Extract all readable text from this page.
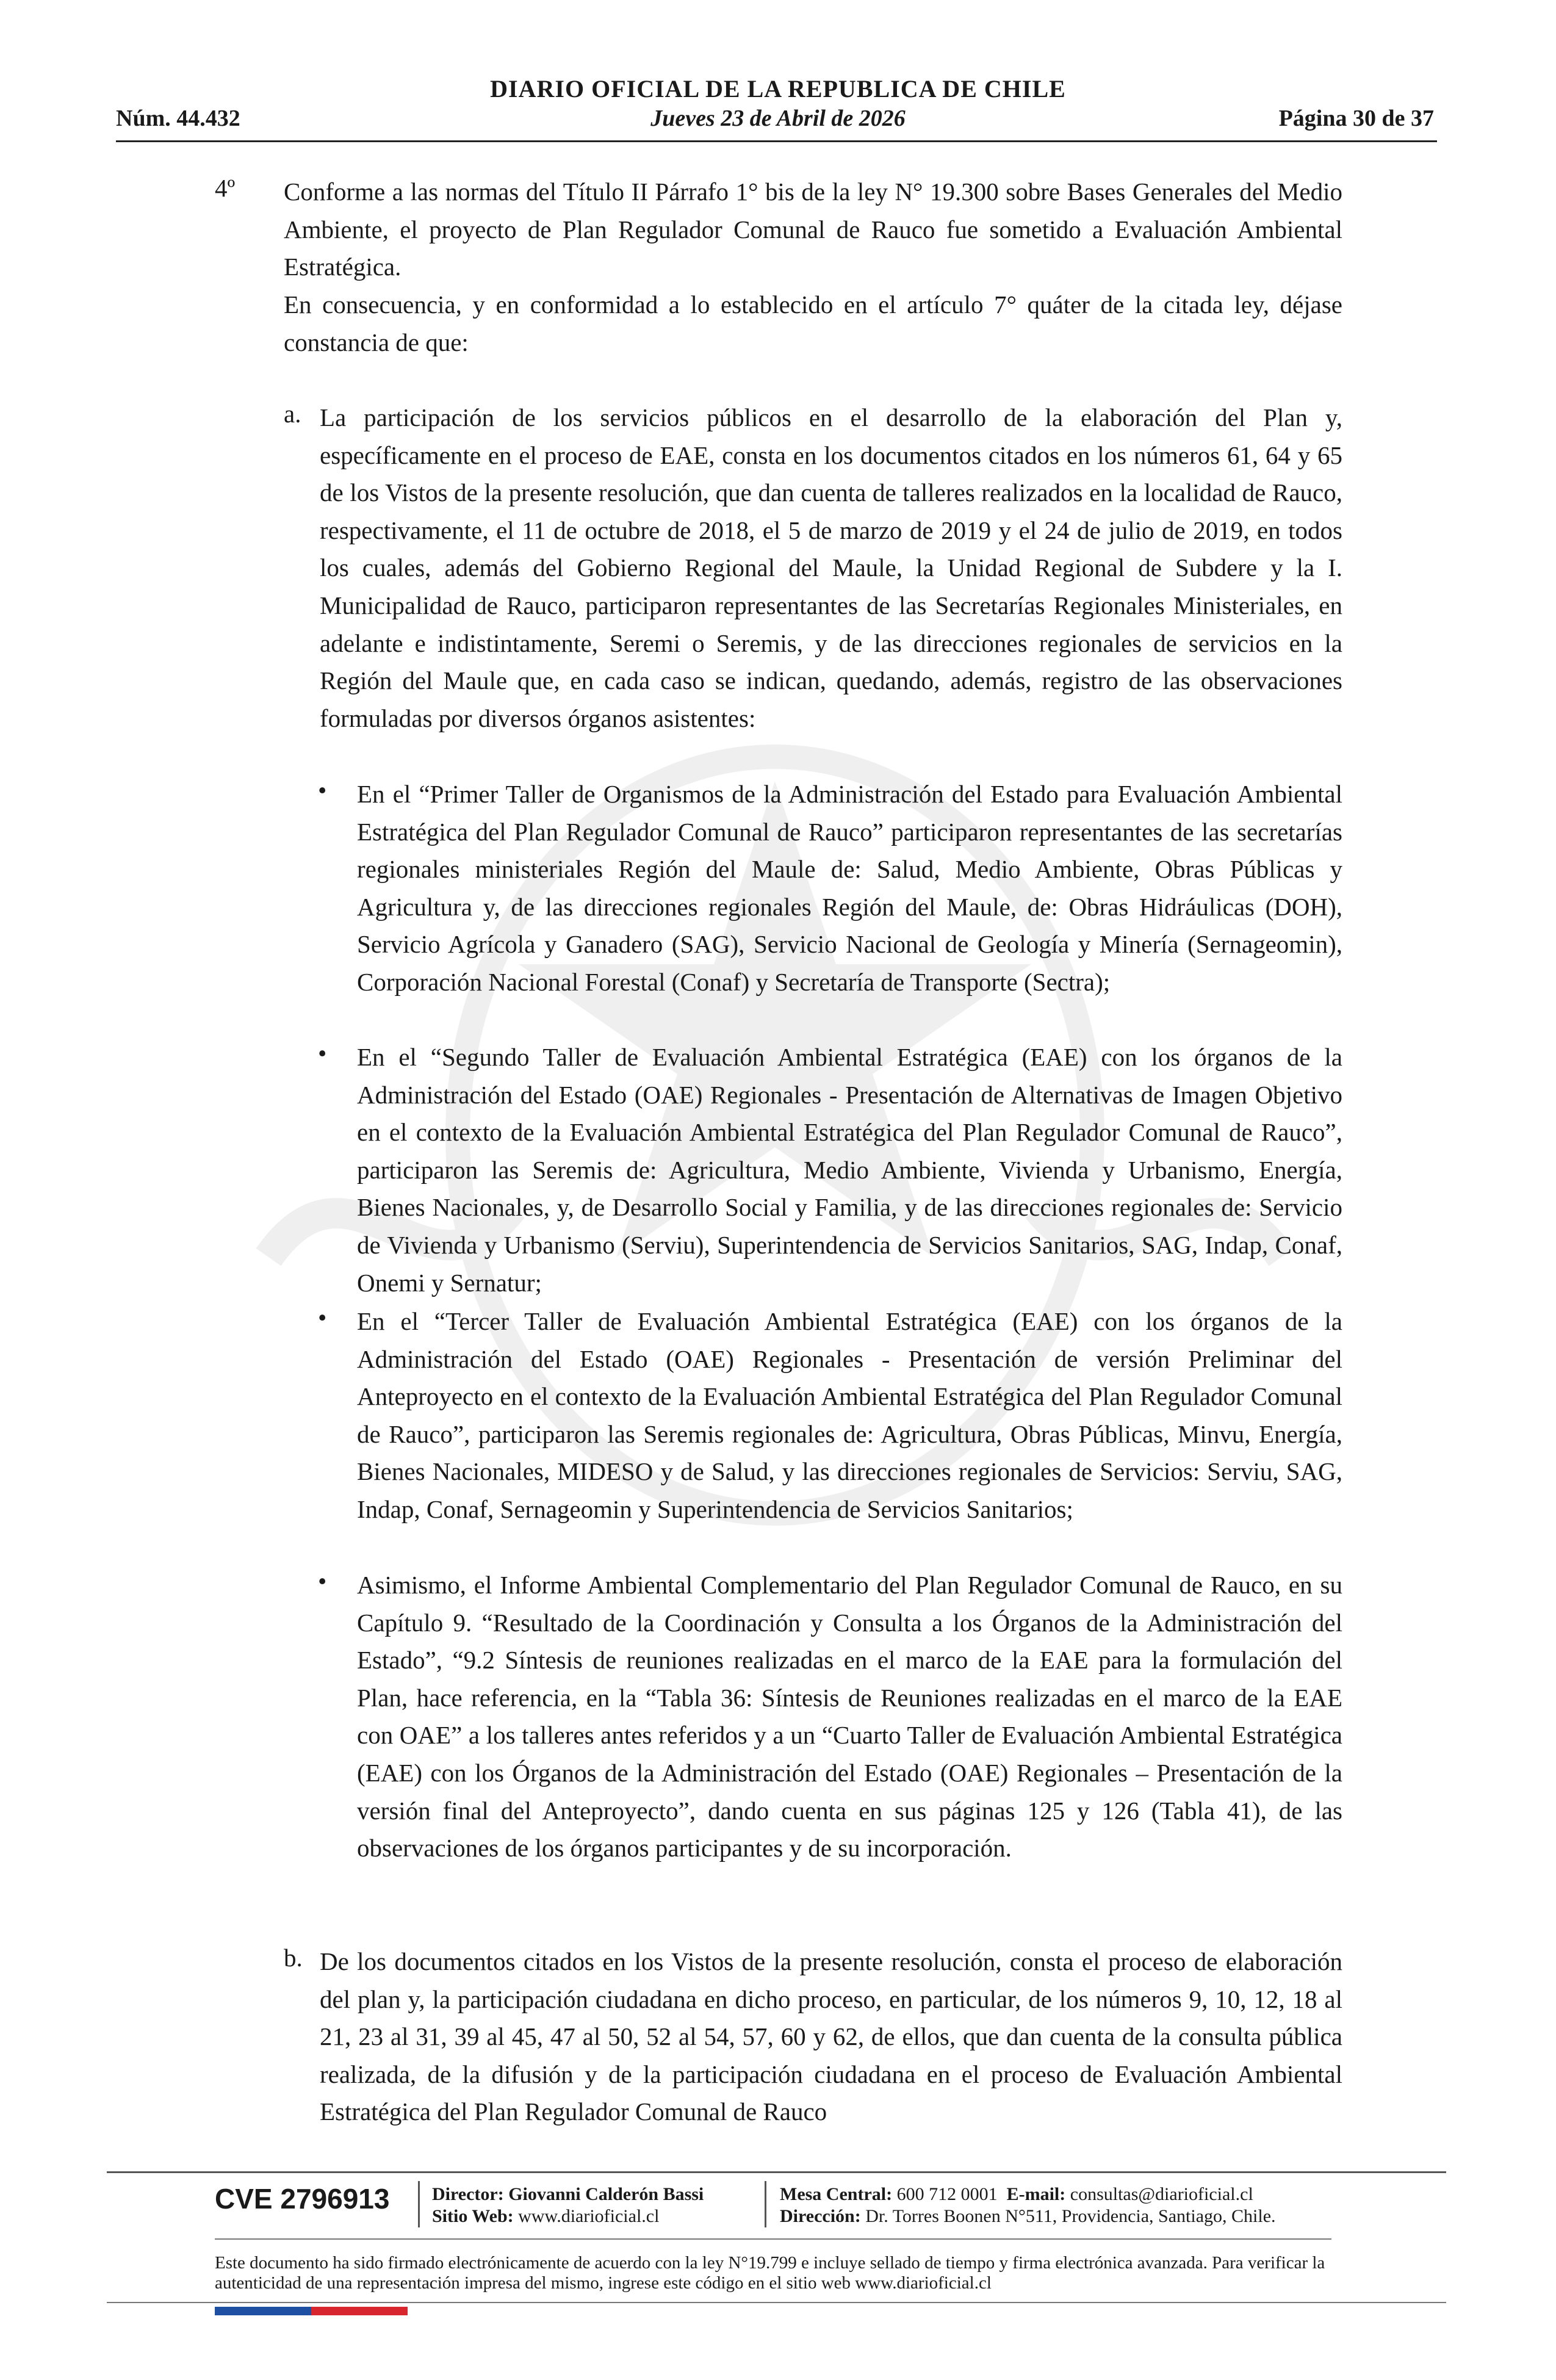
DIARIO OFICIAL DE LA REPUBLICA DE CHILE
Núm. 44.432	Jueves 23 de Abril de 2026	Página 30 de 37
4º Conforme a las normas del Título II Párrafo 1° bis de la ley N° 19.300 sobre Bases Generales del Medio Ambiente, el proyecto de Plan Regulador Comunal de Rauco fue sometido a Evaluación Ambiental Estratégica.
En consecuencia, y en conformidad a lo establecido en el artículo 7° quáter de la citada ley, déjase constancia de que:
a. La participación de los servicios públicos en el desarrollo de la elaboración del Plan y, específicamente en el proceso de EAE, consta en los documentos citados en los números 61, 64 y 65 de los Vistos de la presente resolución, que dan cuenta de talleres realizados en la localidad de Rauco, respectivamente, el 11 de octubre de 2018, el 5 de marzo de 2019 y el 24 de julio de 2019, en todos los cuales, además del Gobierno Regional del Maule, la Unidad Regional de Subdere y la I. Municipalidad de Rauco, participaron representantes de las Secretarías Regionales Ministeriales, en adelante e indistintamente, Seremi o Seremis, y de las direcciones regionales de servicios en la Región del Maule que, en cada caso se indican, quedando, además, registro de las observaciones formuladas por diversos órganos asistentes:
• En el “Primer Taller de Organismos de la Administración del Estado para Evaluación Ambiental Estratégica del Plan Regulador Comunal de Rauco” participaron representantes de las secretarías regionales ministeriales Región del Maule de: Salud, Medio Ambiente, Obras Públicas y Agricultura y, de las direcciones regionales Región del Maule, de: Obras Hidráulicas (DOH), Servicio Agrícola y Ganadero (SAG), Servicio Nacional de Geología y Minería (Sernageomin), Corporación Nacional Forestal (Conaf) y Secretaría de Transporte (Sectra);
• En el “Segundo Taller de Evaluación Ambiental Estratégica (EAE) con los órganos de la Administración del Estado (OAE) Regionales - Presentación de Alternativas de Imagen Objetivo en el contexto de la Evaluación Ambiental Estratégica del Plan Regulador Comunal de Rauco”, participaron las Seremis de: Agricultura, Medio Ambiente, Vivienda y Urbanismo, Energía, Bienes Nacionales, y, de Desarrollo Social y Familia, y de las direcciones regionales de: Servicio de Vivienda y Urbanismo (Serviu), Superintendencia de Servicios Sanitarios, SAG, Indap, Conaf, Onemi y Sernatur;
• En el “Tercer Taller de Evaluación Ambiental Estratégica (EAE) con los órganos de la Administración del Estado (OAE) Regionales - Presentación de versión Preliminar del Anteproyecto en el contexto de la Evaluación Ambiental Estratégica del Plan Regulador Comunal de Rauco”, participaron las Seremis regionales de: Agricultura, Obras Públicas, Minvu, Energía, Bienes Nacionales, MIDESO y de Salud, y las direcciones regionales de Servicios: Serviu, SAG, Indap, Conaf, Sernageomin y Superintendencia de Servicios Sanitarios;
• Asimismo, el Informe Ambiental Complementario del Plan Regulador Comunal de Rauco, en su Capítulo 9. “Resultado de la Coordinación y Consulta a los Órganos de la Administración del Estado”, “9.2 Síntesis de reuniones realizadas en el marco de la EAE para la formulación del Plan, hace referencia, en la “Tabla 36: Síntesis de Reuniones realizadas en el marco de la EAE con OAE” a los talleres antes referidos y a un “Cuarto Taller de Evaluación Ambiental Estratégica (EAE) con los Órganos de la Administración del Estado (OAE) Regionales – Presentación de la versión final del Anteproyecto”, dando cuenta en sus páginas 125 y 126 (Tabla 41), de las observaciones de los órganos participantes y de su incorporación.
b. De los documentos citados en los Vistos de la presente resolución, consta el proceso de elaboración del plan y, la participación ciudadana en dicho proceso, en particular, de los números 9, 10, 12, 18 al 21, 23 al 31, 39 al 45, 47 al 50, 52 al 54, 57, 60 y 62, de ellos, que dan cuenta de la consulta pública realizada, de la difusión y de la participación ciudadana en el proceso de Evaluación Ambiental Estratégica del Plan Regulador Comunal de Rauco
CVE 2796913 Director: Giovanni Calderón Bassi
Sitio Web: www.diarioficial.cl
Mesa Central: 600 712 0001 E-mail: consultas@diarioficial.cl
Dirección: Dr. Torres Boonen N°511, Providencia, Santiago, Chile.
Este documento ha sido firmado electrónicamente de acuerdo con la ley N°19.799 e incluye sellado de tiempo y firma electrónica avanzada. Para verificar la autenticidad de una representación impresa del mismo, ingrese este código en el sitio web www.diarioficial.cl
